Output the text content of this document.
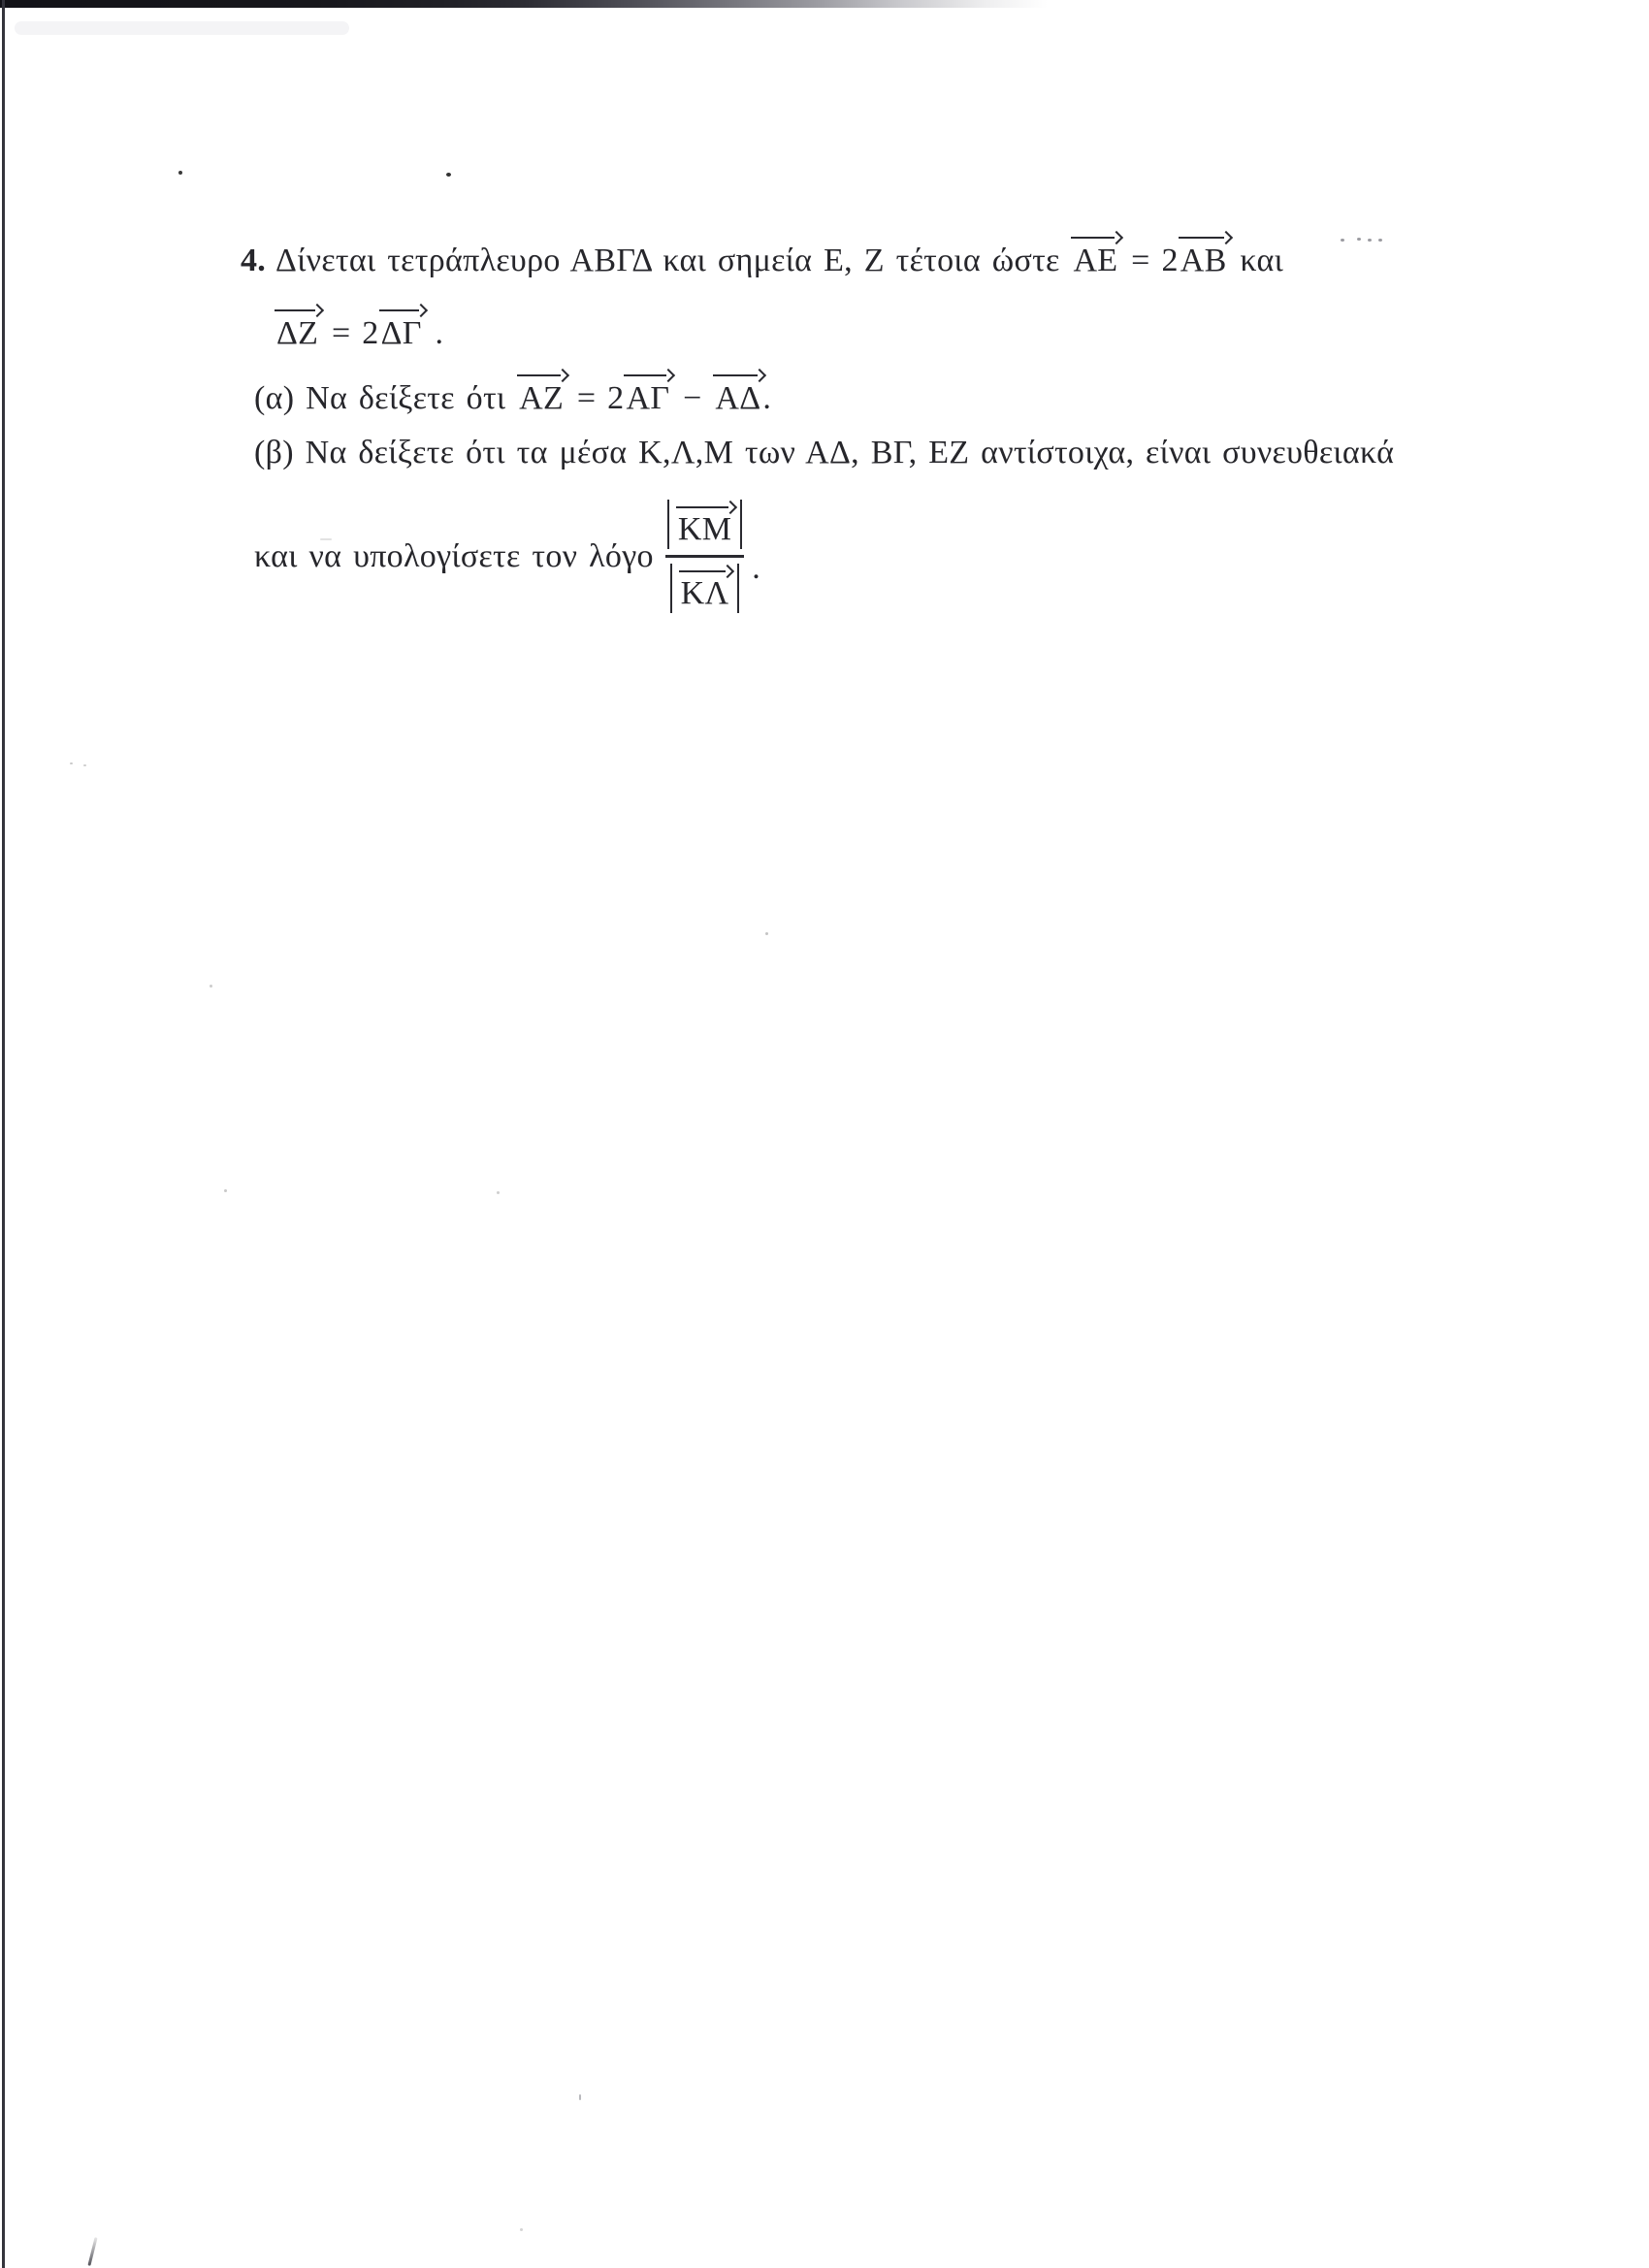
4. Δίνεται τετράπλευρο ΑΒΓΔ και σημεία Ε, Ζ τέτοια ώστε ΑΕ = 2ΑΒ και
ΔΖ = 2ΔΓ .
(α) Να δείξετε ότι ΑΖ = 2ΑΓ − ΑΔ.
(β) Να δείξετε ότι τα μέσα Κ,Λ,Μ των ΑΔ, ΒΓ, ΕΖ αντίστοιχα, είναι συνευθειακά
και να υπολογίσετε τον λόγο $\frac{KM}{K\Lambda}$ .
